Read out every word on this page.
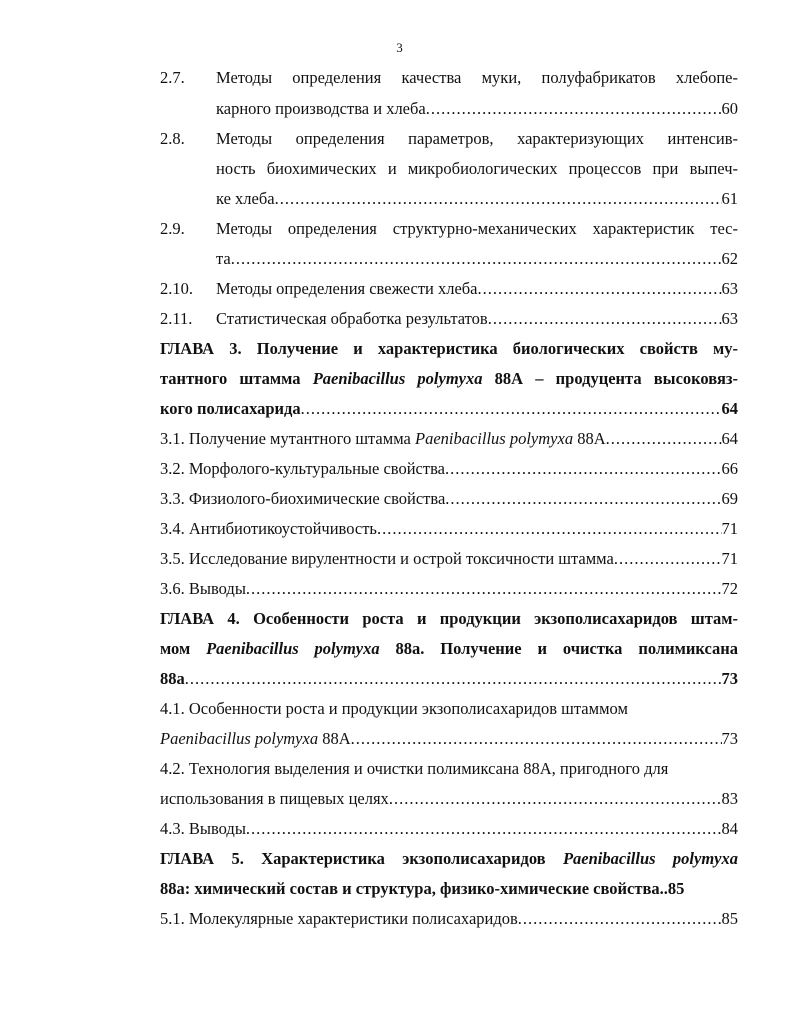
3
2.7.	Методы определения качества муки, полуфабрикатов хлебопе-
карного производства и хлеба .....	60
2.8.	Методы определения параметров, характеризующих интенсив-
ность биохимических и микробиологических процессов при выпеч-
ке хлеба .....	61
2.9.	Методы определения структурно-механических характеристик тес-
та .....	62
2.10.	Методы определения свежести хлеба .....	63
2.11.	Статистическая обработка результатов .....	63
ГЛАВА 3. Получение и характеристика биологических свойств му-
тантного штамма Paenibacillus polymyxa 88А – продуцента высоковяз-
кого полисахарида .....	64
3.1. Получение мутантного штамма Paenibacillus polymyxa 88А .....	64
3.2. Морфолого-культуральные свойства .....	66
3.3. Физиолого-биохимические свойства .....	69
3.4. Антибиотикоустойчивость .....	71
3.5. Исследование вирулентности и острой токсичности штамма .....	71
3.6. Выводы .....	72
ГЛАВА 4. Особенности роста и продукции экзополисахаридов штам-
мом Paenibacillus polymyxa 88а. Получение и очистка полимиксана
88а .....	73
4.1. Особенности роста и продукции экзополисахаридов штаммом
Paenibacillus polymyxa 88А .....	73
4.2. Технология выделения и очистки полимиксана 88А, пригодного для
использования в пищевых целях .....	83
4.3. Выводы .....	84
ГЛАВА 5. Характеристика экзополисахаридов Paenibacillus polymyxa
88а: химический состав и структура, физико-химические свойства..85
5.1. Молекулярные характеристики полисахаридов .....	85
